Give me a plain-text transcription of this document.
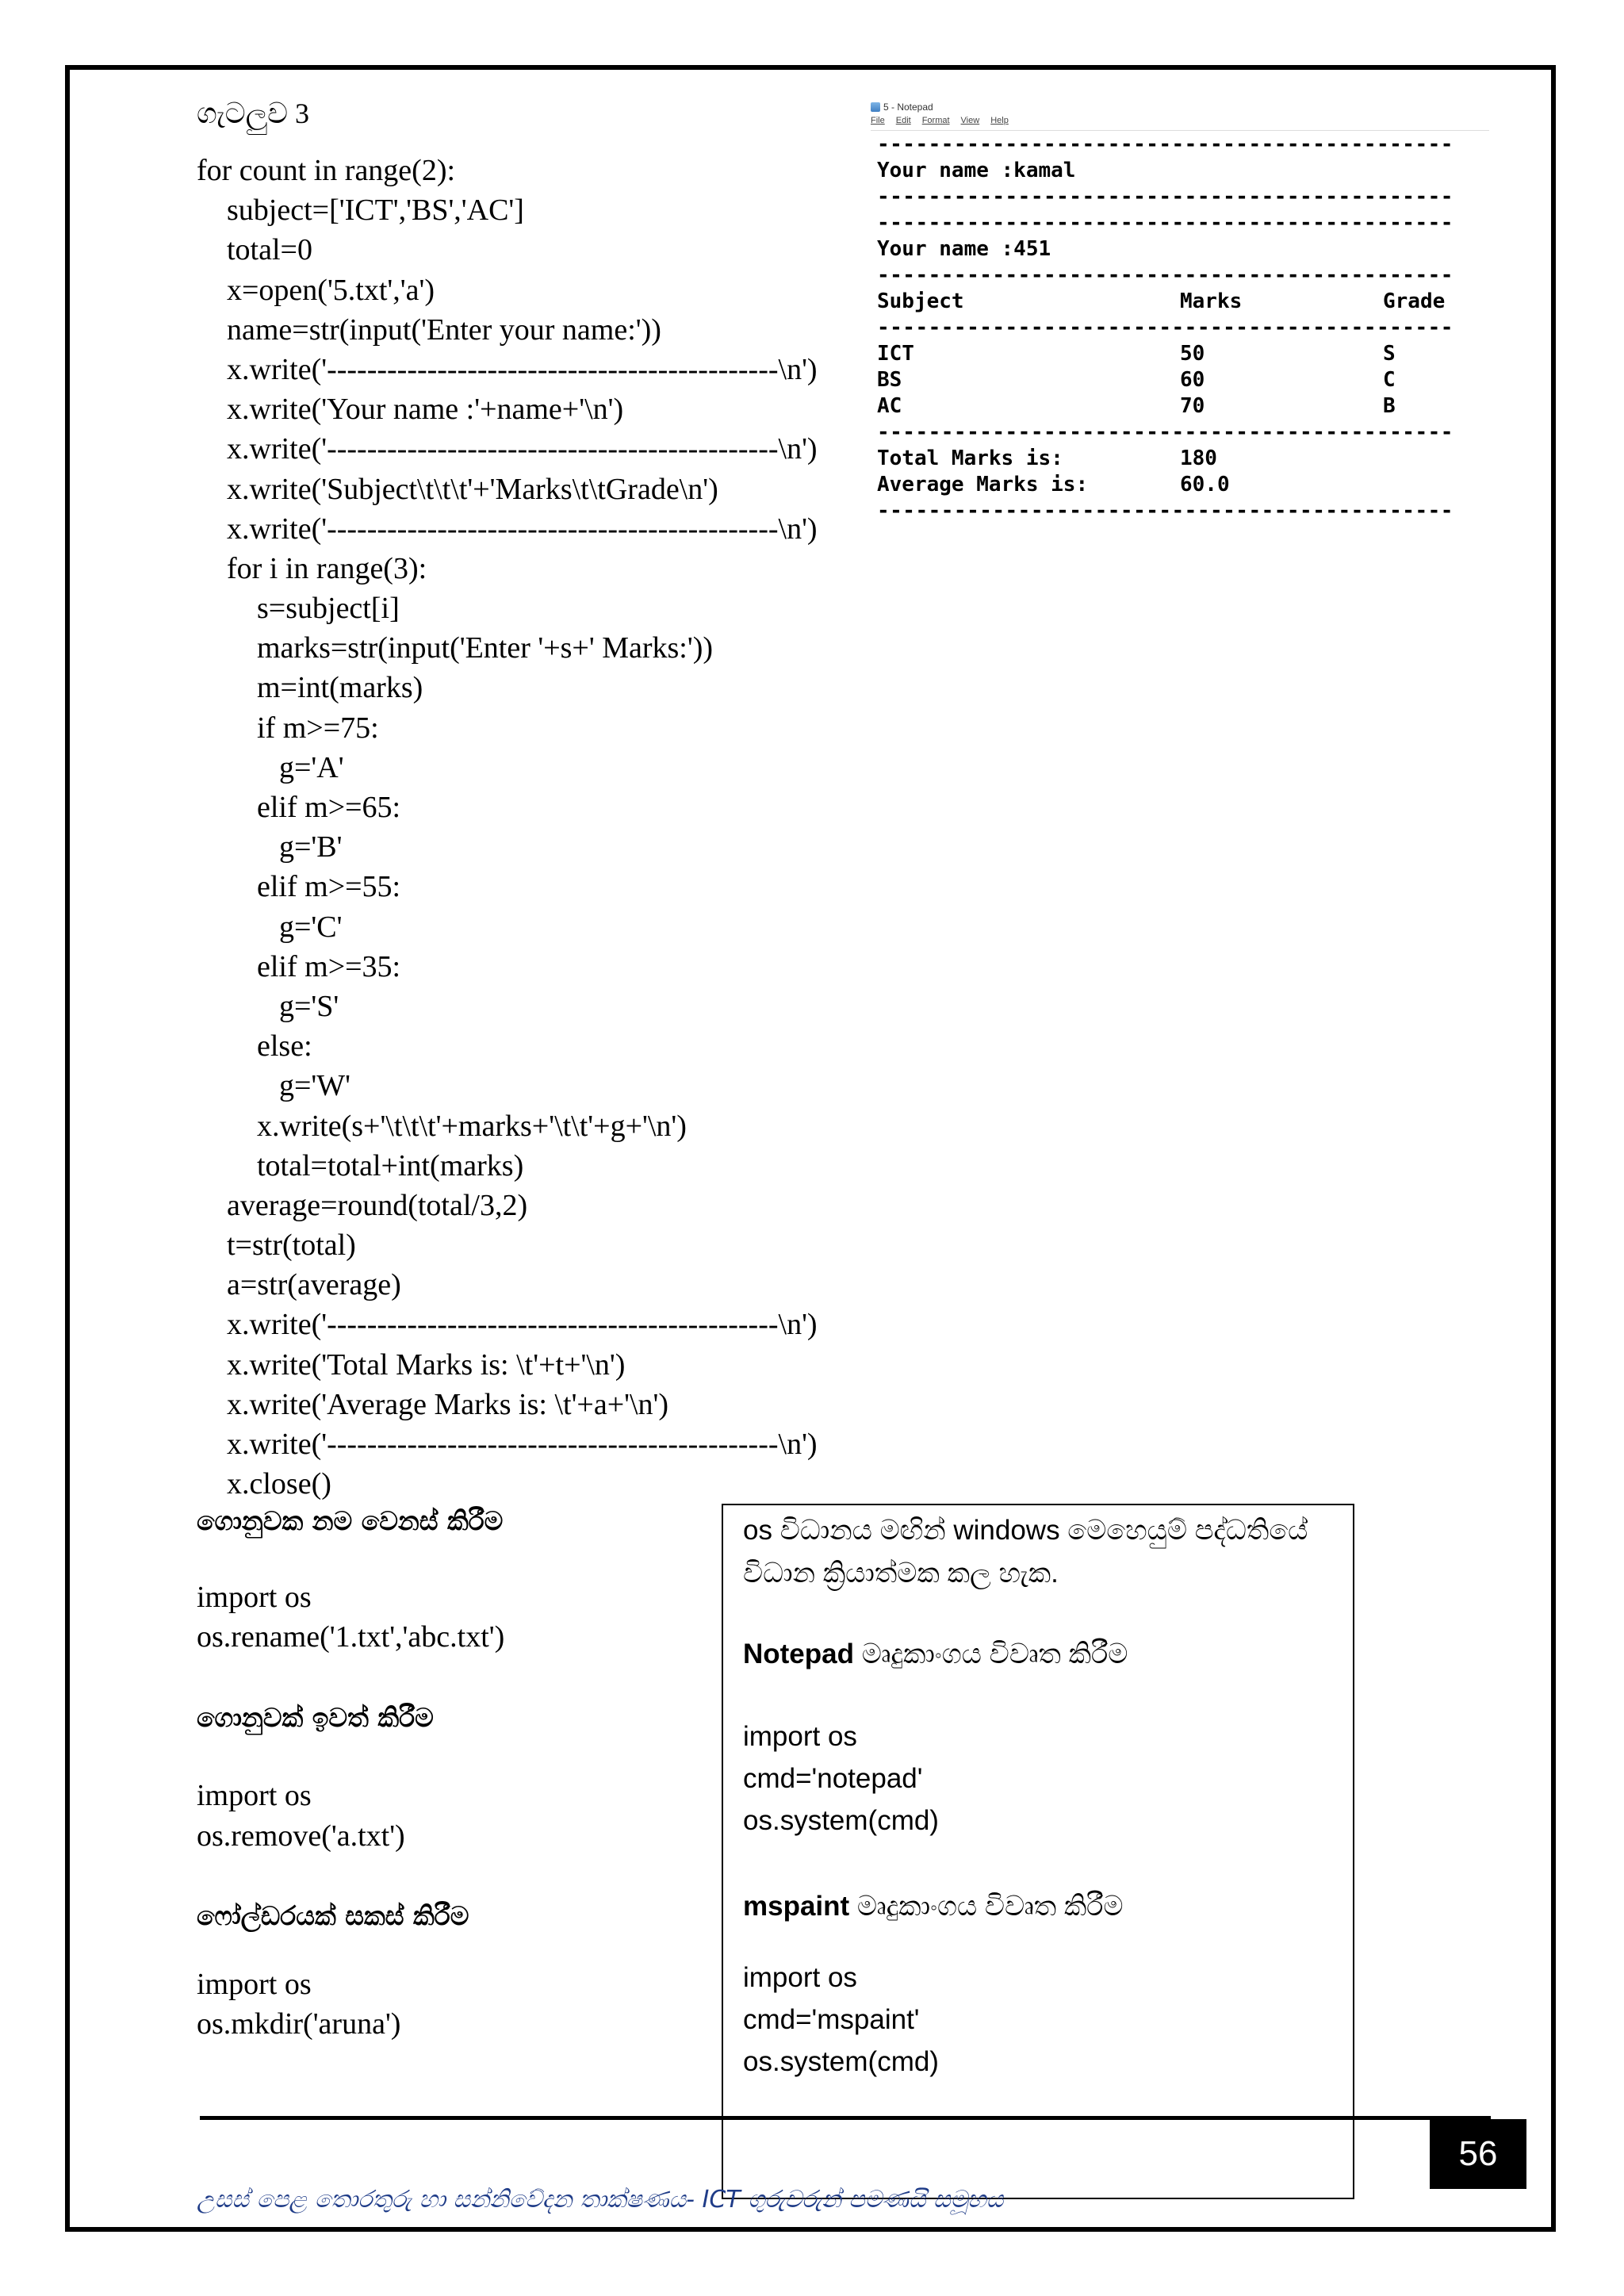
ගැටලුව 3
for count in range(2):
subject=['ICT','BS','AC']
total=0
x=open('5.txt','a')
name=str(input('Enter your name:'))
x.write('---------------------------------------------\n')
x.write('Your name :'+name+'\n')
x.write('---------------------------------------------\n')
x.write('Subject\t\t\t'+'Marks\t\tGrade\n')
x.write('---------------------------------------------\n')
for i in range(3):
s=subject[i]
marks=str(input('Enter '+s+' Marks:'))
m=int(marks)
if m>=75:
g='A'
elif m>=65:
g='B'
elif m>=55:
g='C'
elif m>=35:
g='S'
else:
g='W'
x.write(s+'\t\t\t'+marks+'\t\t'+g+'\n')
total=total+int(marks)
average=round(total/3,2)
t=str(total)
a=str(average)
x.write('---------------------------------------------\n')
x.write('Total Marks is: \t'+t+'\n')
x.write('Average Marks is: \t'+a+'\n')
x.write('---------------------------------------------\n')
x.close()
5 - Notepad
File Edit Format View Help
---------------------------------------------
Your name :kamal
---------------------------------------------
---------------------------------------------
Your name :451
---------------------------------------------
Subject	Marks	Grade
---------------------------------------------
ICT	50	S
BS	60	C
AC	70	B
---------------------------------------------
Total Marks is:	180
Average Marks is:	60.0
---------------------------------------------
ගොනුවක නම වෙනස් කිරීම
import os
os.rename('1.txt','abc.txt')
ගොනුවක් ඉවත් කිරීම
import os
os.remove('a.txt')
ෆෝල්ඩරයක් සකස් කිරීම
import os
os.mkdir('aruna')
os විධානය මඟින් windows මෙහෙයුම් පද්ධතියේ
විධාන ක්‍රියාත්මක කල හැක.
Notepad මෘදුකාංගය විවෘත කිරීම
import os
cmd='notepad'
os.system(cmd)
mspaint මෘදුකාංගය විවෘත කිරීම
import os
cmd='mspaint'
os.system(cmd)
56
උසස් පෙළ තොරතුරු හා සන්නිවේදන තාක්ෂණය- ICT ගුරුවරුන් පමණයි සමූහය
